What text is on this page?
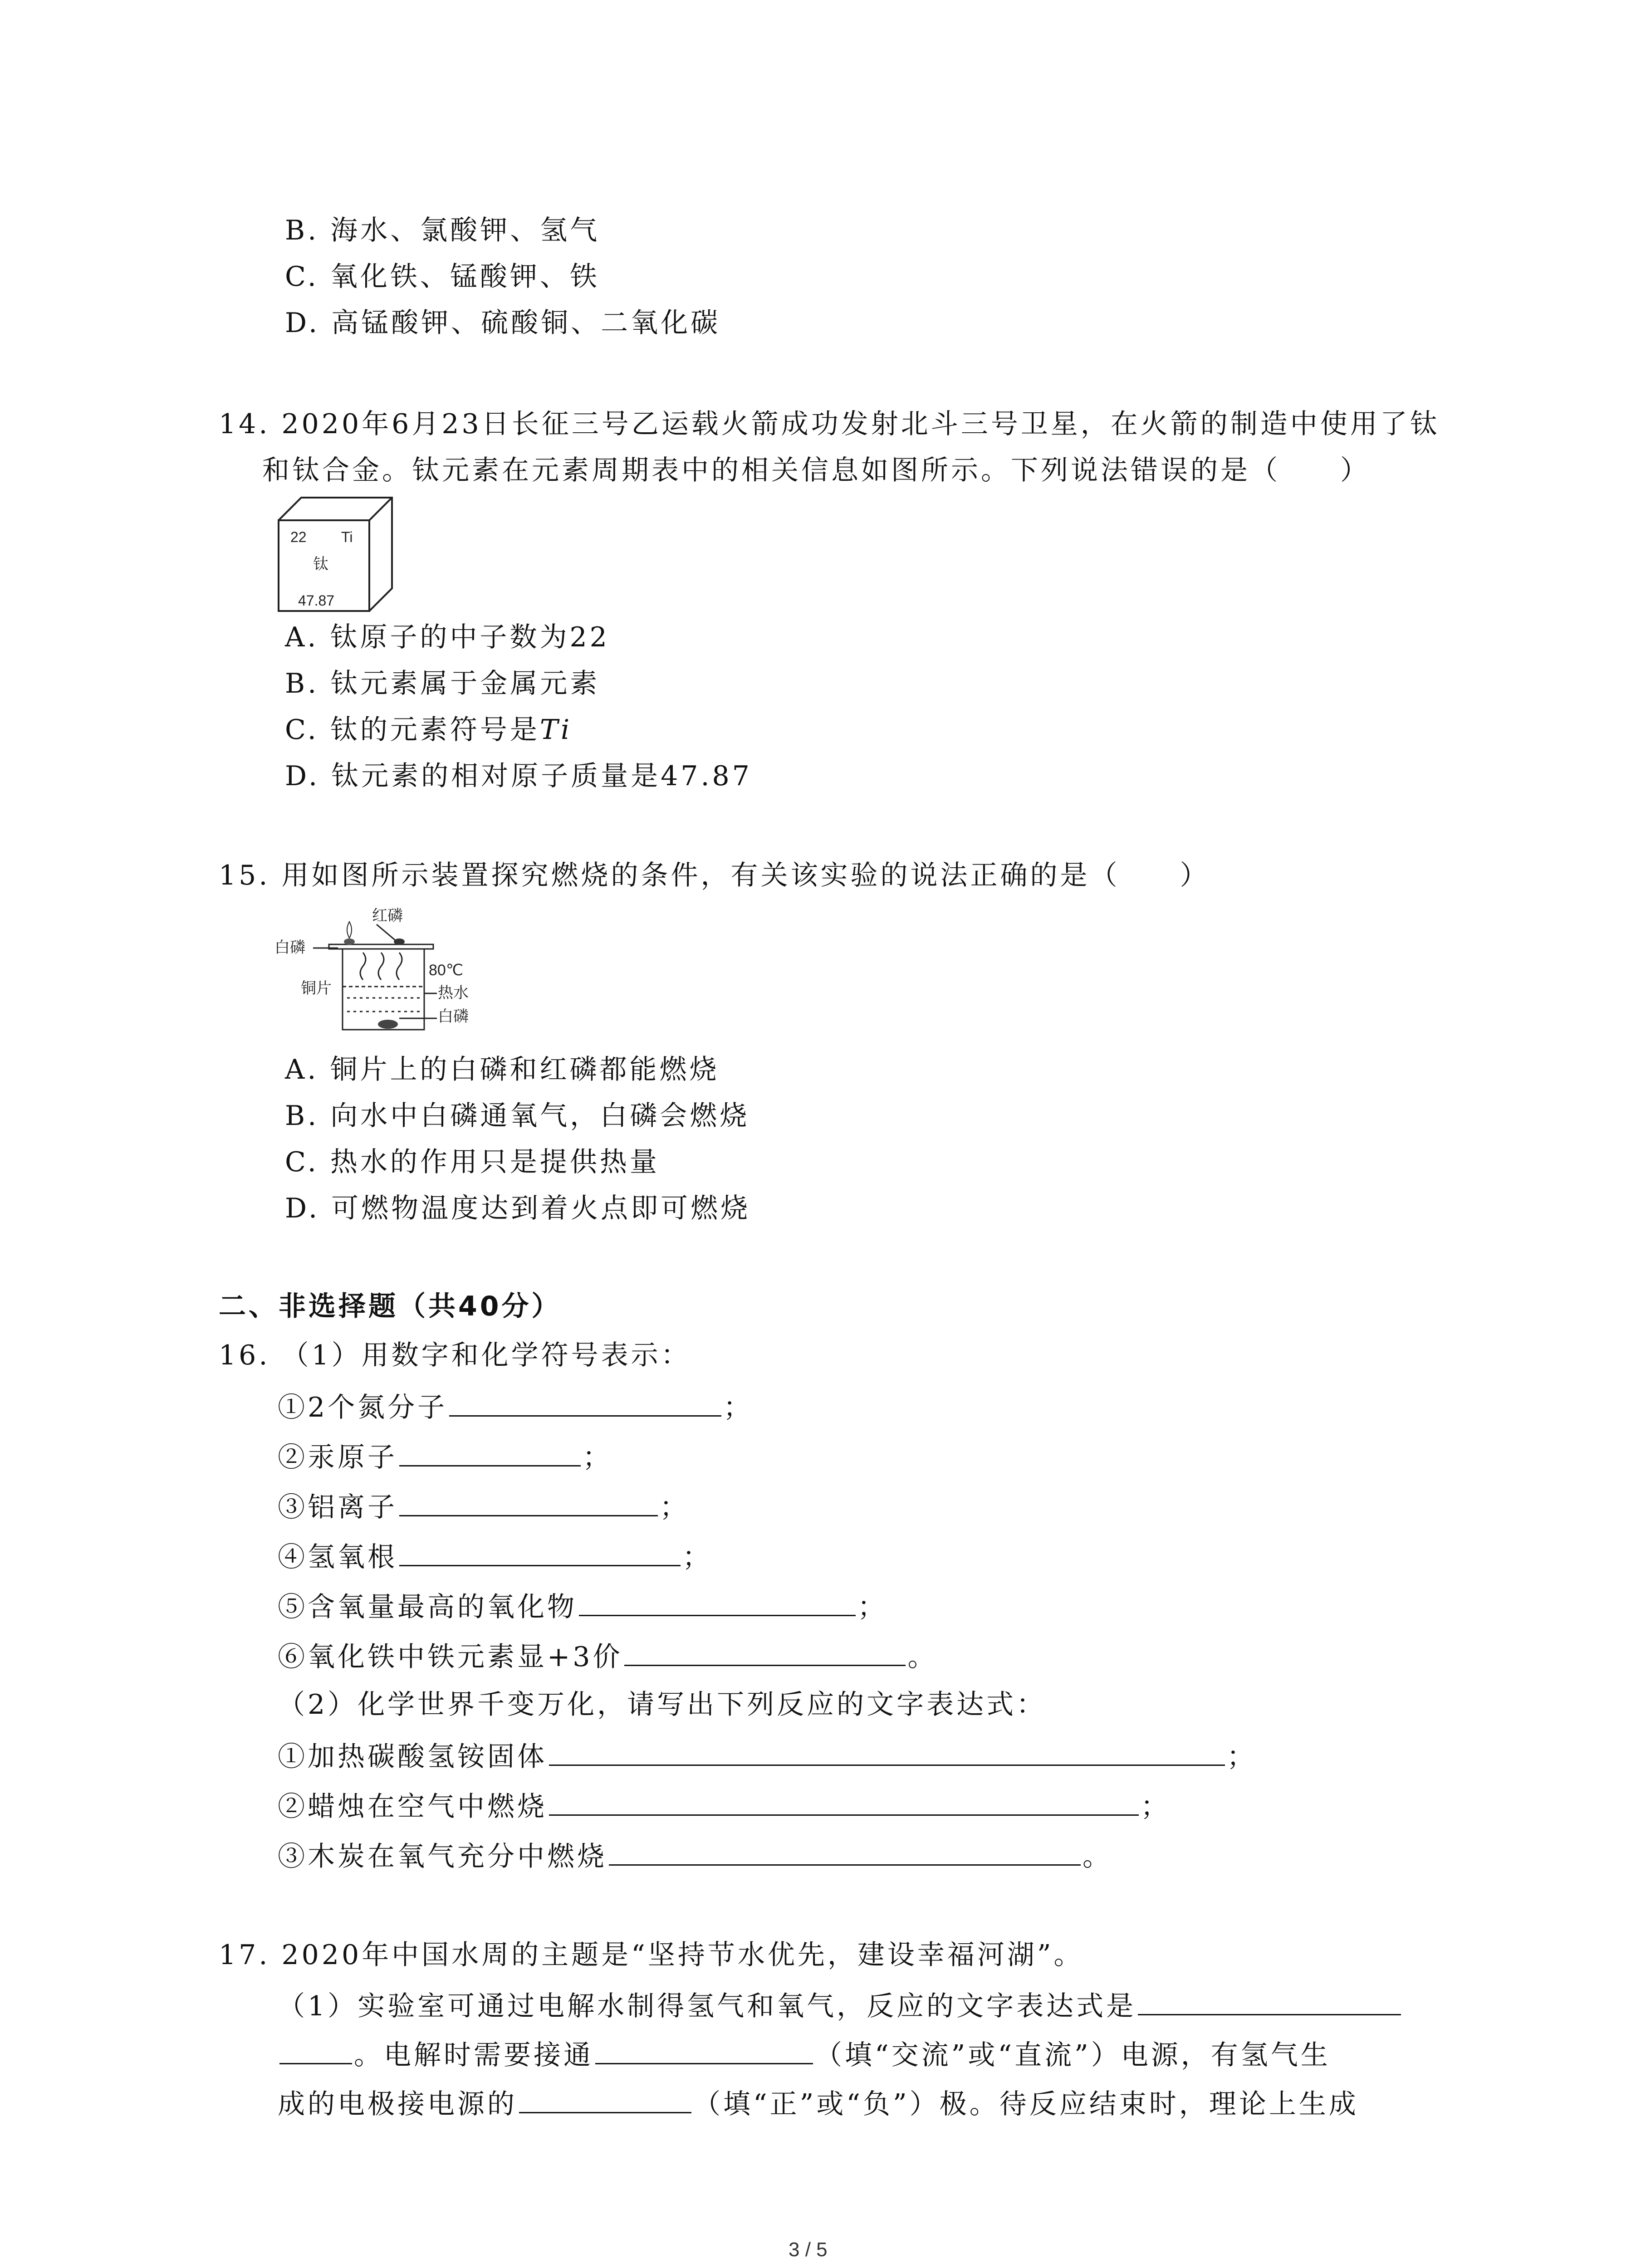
B. 海水、氯酸钾、氢气
C. 氧化铁、锰酸钾、铁
D. 高锰酸钾、硫酸铜、二氧化碳
14. 2020年6月23日长征三号乙运载火箭成功发射北斗三号卫星，在火箭的制造中使用了钛
和钛合金。钛元素在元素周期表中的相关信息如图所示。下列说法错误的是（　　）
22 Ti
钛
47.87
A. 钛原子的中子数为22
B. 钛元素属于金属元素
C. 钛的元素符号是Ti
D. 钛元素的相对原子质量是47.87
15. 用如图所示装置探究燃烧的条件，有关该实验的说法正确的是（　　）
红磷
白磷
铜片
80℃
热水
白磷
A. 铜片上的白磷和红磷都能燃烧
B. 向水中白磷通氧气，白磷会燃烧
C. 热水的作用只是提供热量
D. 可燃物温度达到着火点即可燃烧
二、非选择题（共40分）
16. （1）用数字和化学符号表示：
①2个氮分子	；
②汞原子	；
③铝离子	；
④氢氧根	；
⑤含氧量最高的氧化物	；
⑥氧化铁中铁元素显+3价	。
（2）化学世界千变万化，请写出下列反应的文字表达式：
①加热碳酸氢铵固体	；
②蜡烛在空气中燃烧	；
③木炭在氧气充分中燃烧	。
17. 2020年中国水周的主题是“坚持节水优先，建设幸福河湖”。
（1）实验室可通过电解水制得氢气和氧气，反应的文字表达式是
。电解时需要接通	（填“交流”或“直流”）电源，有氢气生
成的电极接电源的	（填“正”或“负”）极。待反应结束时，理论上生成
3 / 5
